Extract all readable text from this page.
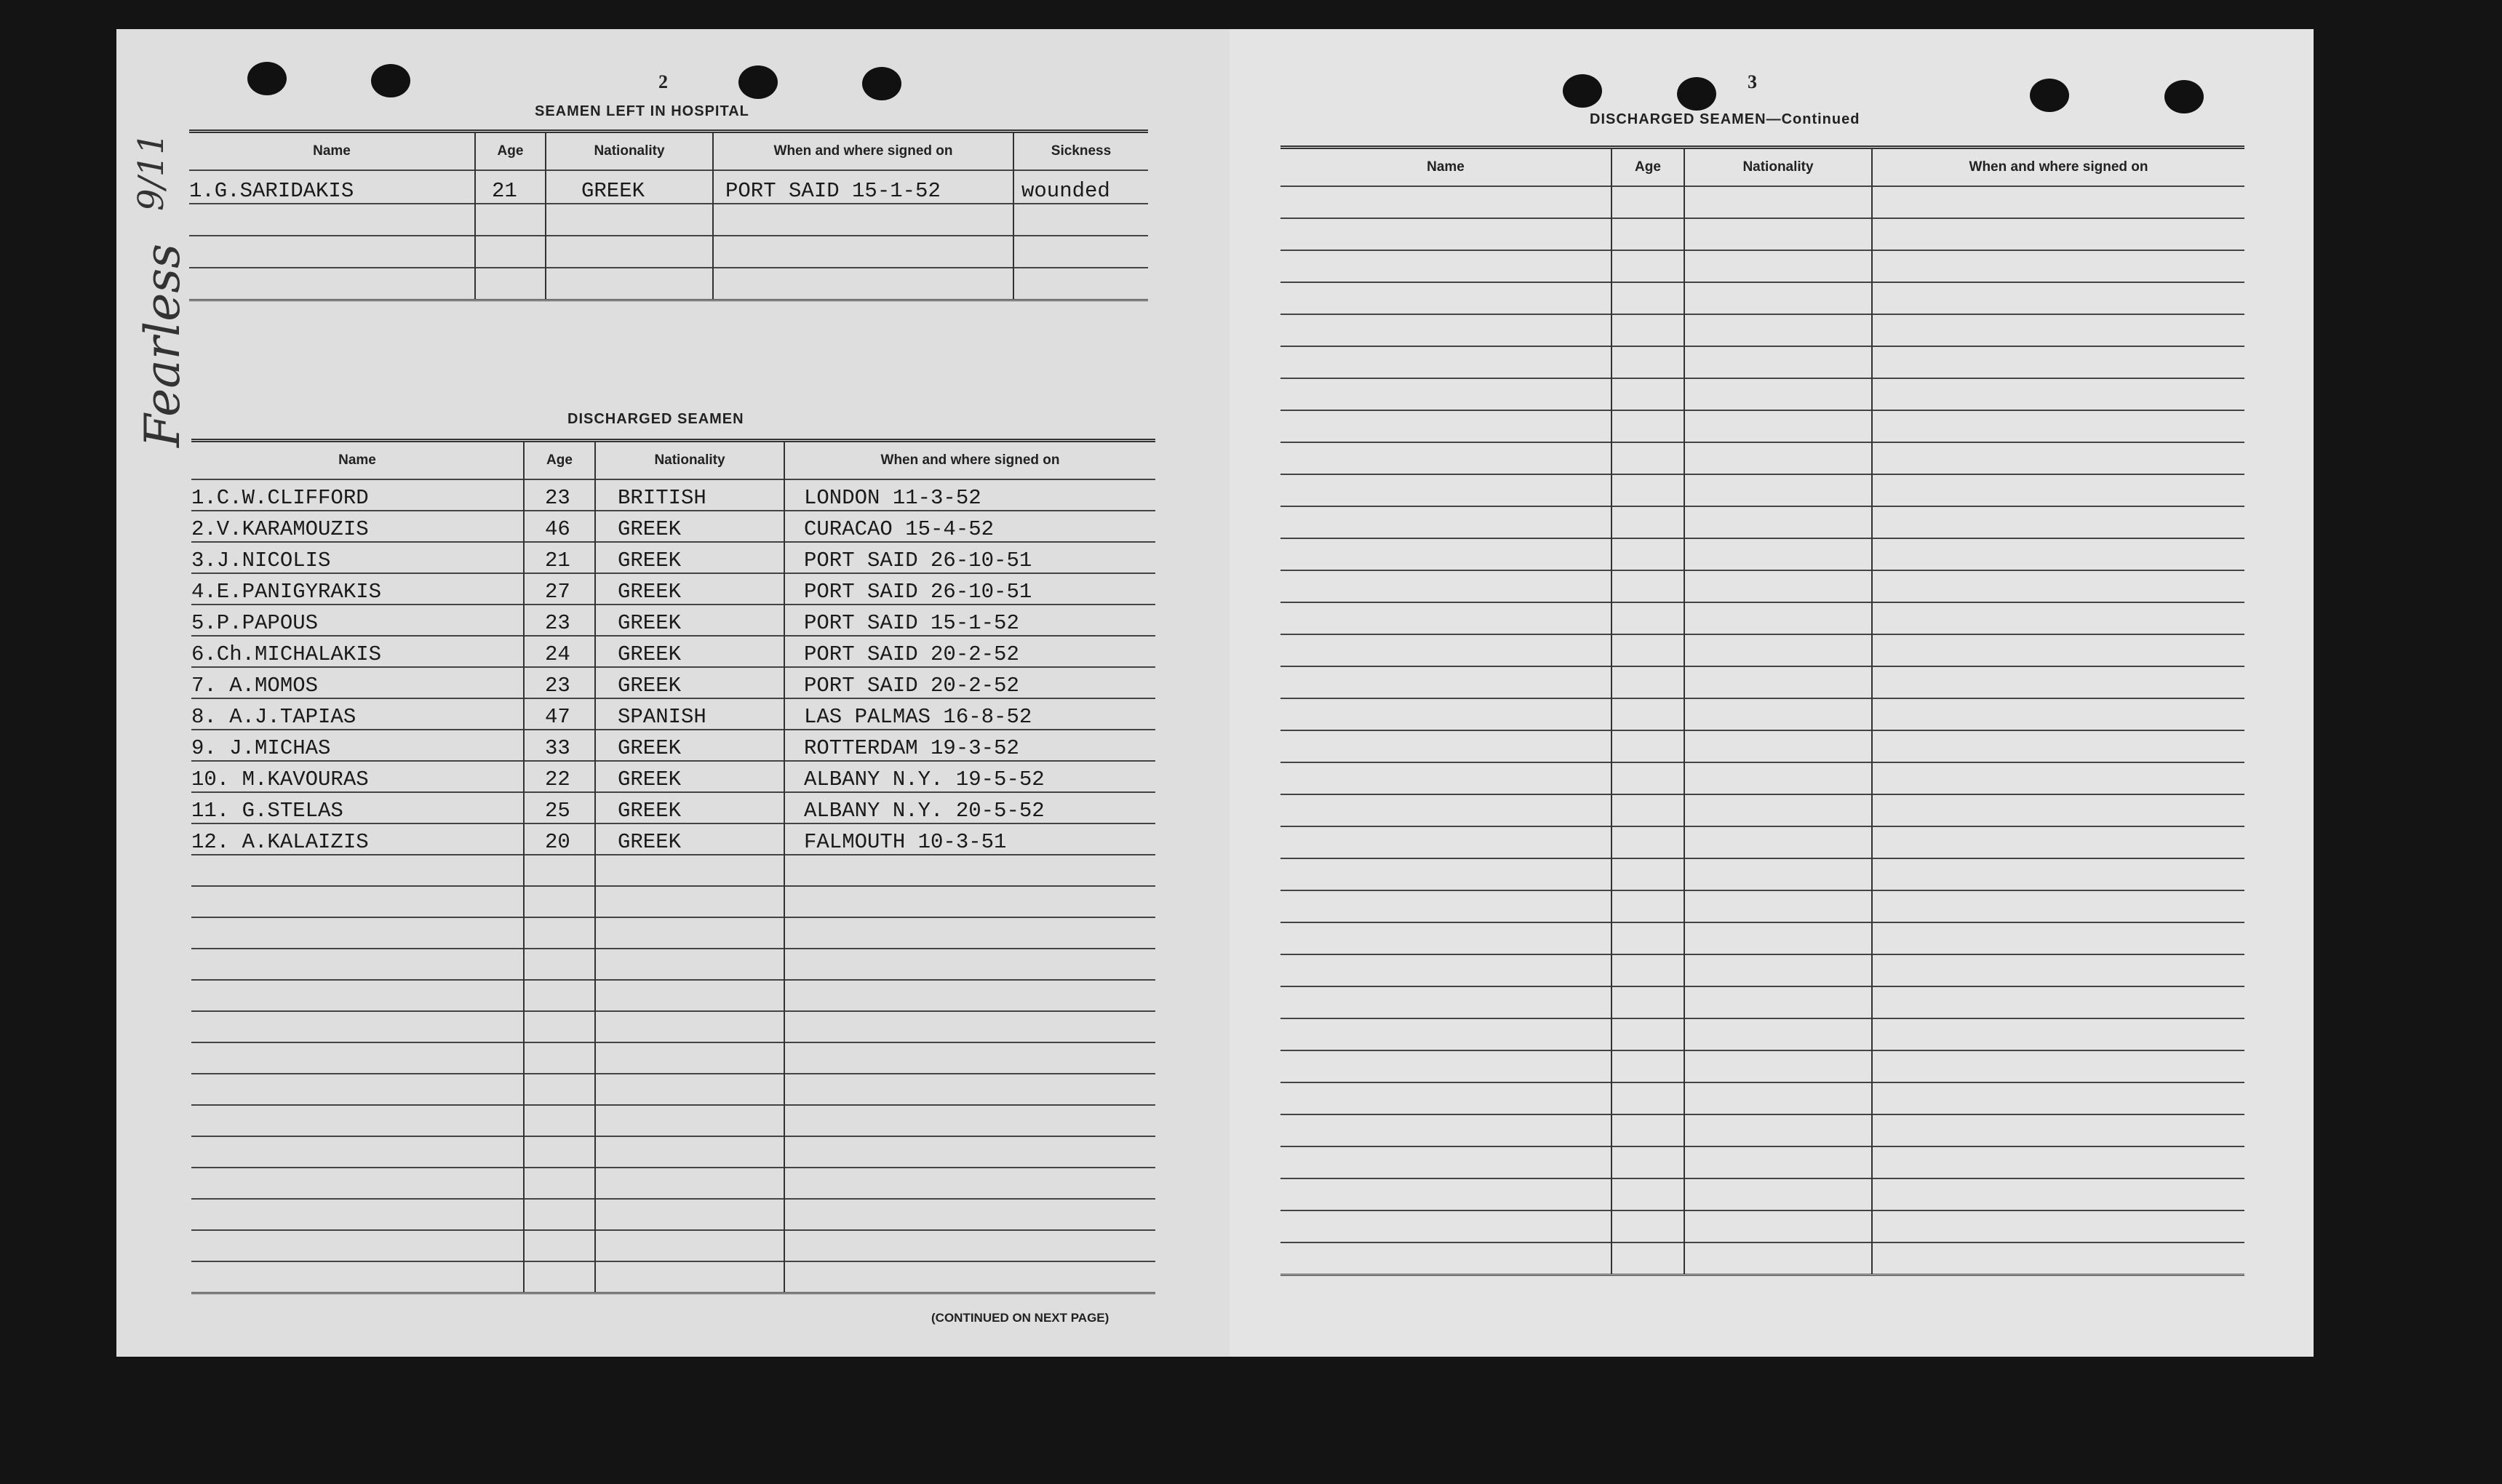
9/11
Fearless
2
SEAMEN LEFT IN HOSPITAL
Name	Age	Nationality	When and where signed on	Sickness
1.G.SARIDAKIS	21	GREEK	PORT SAID 15-1-52	wounded

DISCHARGED SEAMEN
Name	Age	Nationality	When and where signed on
1.C.W.CLIFFORD	23	BRITISH	LONDON 11-3-52
2.V.KARAMOUZIS	46	GREEK	CURACAO 15-4-52
3.J.NICOLIS	21	GREEK	PORT SAID 26-10-51
4.E.PANIGYRAKIS	27	GREEK	PORT SAID 26-10-51
5.P.PAPOUS	23	GREEK	PORT SAID 15-1-52
6.Ch.MICHALAKIS	24	GREEK	PORT SAID 20-2-52
7. A.MOMOS	23	GREEK	PORT SAID 20-2-52
8. A.J.TAPIAS	47	SPANISH	LAS PALMAS 16-8-52
9. J.MICHAS	33	GREEK	ROTTERDAM 19-3-52
10. M.KAVOURAS	22	GREEK	ALBANY N.Y. 19-5-52
11. G.STELAS	25	GREEK	ALBANY N.Y. 20-5-52
12. A.KALAIZIS	20	GREEK	FALMOUTH 10-3-51

(CONTINUED ON NEXT PAGE)
3
DISCHARGED SEAMEN—Continued
Name	Age	Nationality	When and where signed on
